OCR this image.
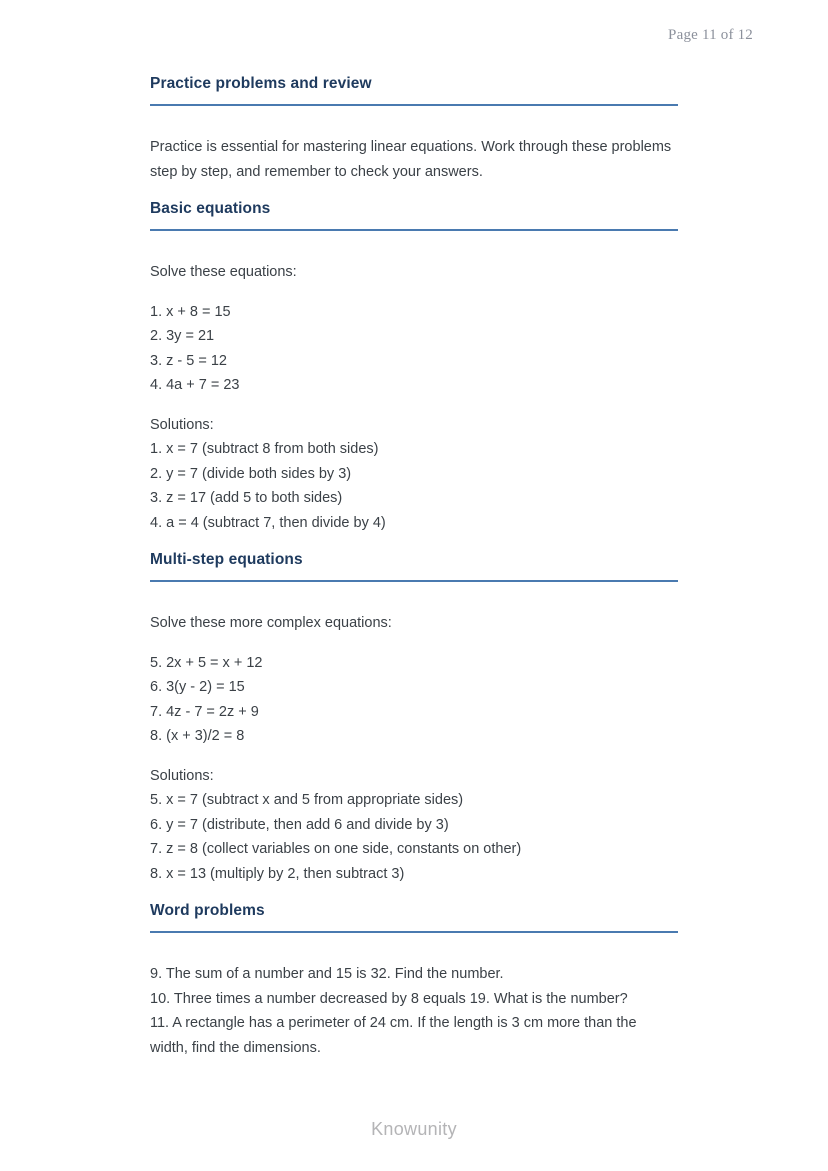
Page 11 of 12
Practice problems and review

Practice is essential for mastering linear equations. Work through these problems step by step, and remember to check your answers.

Basic equations

Solve these equations:

1. x + 8 = 15
2. 3y = 21
3. z - 5 = 12
4. 4a + 7 = 23
Solutions:
1. x = 7 (subtract 8 from both sides)
2. y = 7 (divide both sides by 3)
3. z = 17 (add 5 to both sides)
4. a = 4 (subtract 7, then divide by 4)
Multi-step equations

Solve these more complex equations:

5. 2x + 5 = x + 12
6. 3(y - 2) = 15
7. 4z - 7 = 2z + 9
8. (x + 3)/2 = 8
Solutions:
5. x = 7 (subtract x and 5 from appropriate sides)
6. y = 7 (distribute, then add 6 and divide by 3)
7. z = 8 (collect variables on one side, constants on other)
8. x = 13 (multiply by 2, then subtract 3)
Word problems
9. The sum of a number and 15 is 32. Find the number.
10. Three times a number decreased by 8 equals 19. What is the number?
11. A rectangle has a perimeter of 24 cm. If the length is 3 cm more than the width, find the dimensions.
Knowunity
